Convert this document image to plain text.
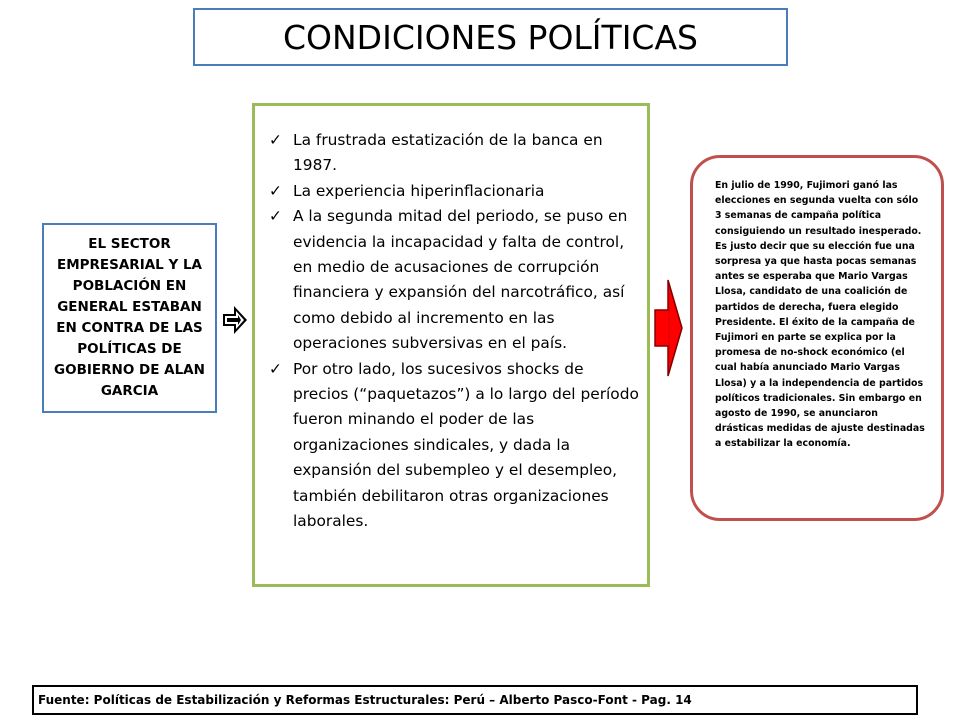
CONDICIONES POLÍTICAS
EL SECTOR EMPRESARIAL Y LA POBLACIÓN EN GENERAL ESTABAN EN CONTRA DE LAS POLÍTICAS DE GOBIERNO DE ALAN GARCIA
✓ La frustrada estatización de la banca en 1987.
✓ La experiencia hiperinflacionaria
✓ A la segunda mitad del periodo, se puso en evidencia la incapacidad y falta de control, en medio de acusaciones de corrupción financiera y expansión del narcotráfico, así como debido al incremento en las operaciones subversivas en el país.
✓ Por otro lado, los sucesivos shocks de precios (“paquetazos”) a lo largo del período fueron minando el poder de las organizaciones sindicales, y dada la expansión del subempleo y el desempleo, también debilitaron otras organizaciones laborales.
En julio de 1990, Fujimori ganó las elecciones en segunda vuelta con sólo 3 semanas de campaña política consiguiendo un resultado inesperado. Es justo decir que su elección fue una sorpresa ya que hasta pocas semanas antes se esperaba que Mario Vargas Llosa, candidato de una coalición de partidos de derecha, fuera elegido Presidente. El éxito de la campaña de Fujimori en parte se explica por la promesa de no-shock económico (el cual había anunciado Mario Vargas Llosa) y a la independencia de partidos políticos tradicionales. Sin embargo en agosto de 1990, se anunciaron drásticas medidas de ajuste destinadas a estabilizar la economía.
Fuente: Políticas de Estabilización y Reformas Estructurales: Perú – Alberto Pasco-Font - Pag. 14
